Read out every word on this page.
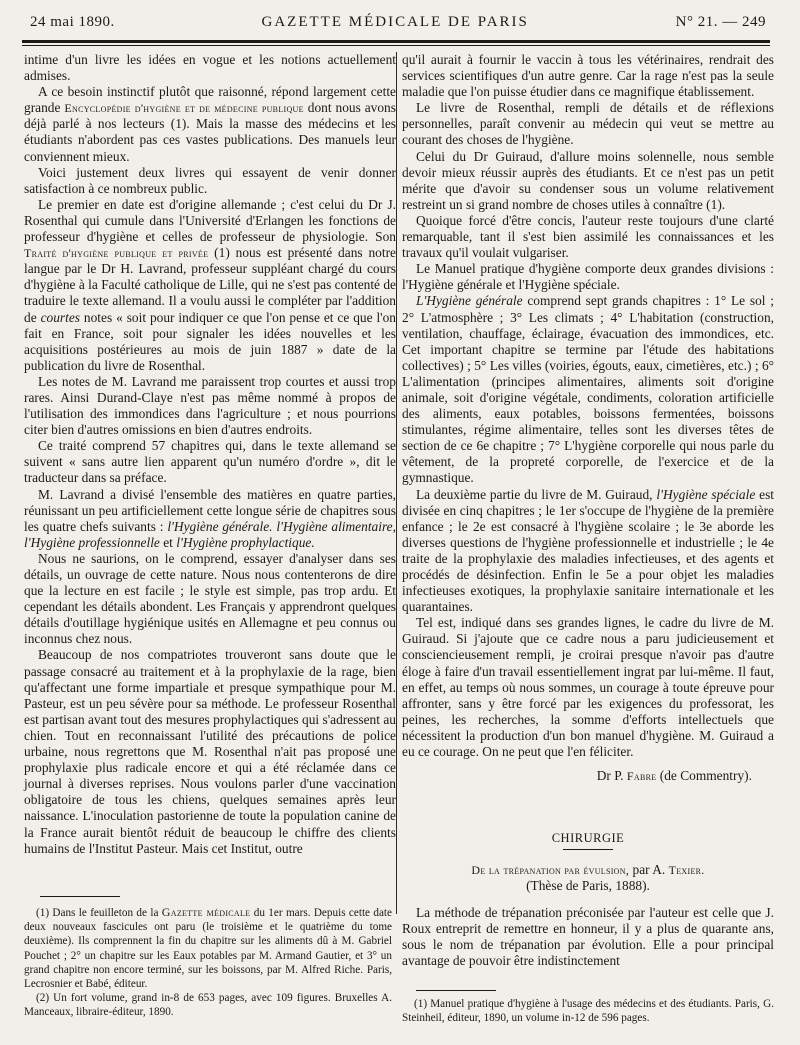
24 mai 1890.	GAZETTE MÉDICALE DE PARIS	N° 21. — 249

intime d'un livre les idées en vogue et les notions actuellement admises.

A ce besoin instinctif plutôt que raisonné, répond largement cette grande Encyclopédie d'hygiène et de médecine publique dont nous avons déjà parlé à nos lecteurs (1). Mais la masse des médecins et les étudiants n'abordent pas ces vastes publications. Des manuels leur conviennent mieux.

Voici justement deux livres qui essayent de venir donner satisfaction à ce nombreux public.

Le premier en date est d'origine allemande ; c'est celui du Dr J. Rosenthal qui cumule dans l'Université d'Erlangen les fonctions de professeur d'hygiène et celles de professeur de physiologie. Son Traité d'hygiène publique et privée (1) nous est présenté dans notre langue par le Dr H. Lavrand, professeur suppléant chargé du cours d'hygiène à la Faculté catholique de Lille, qui ne s'est pas contenté de traduire le texte allemand. Il a voulu aussi le compléter par l'addition de courtes notes « soit pour indiquer ce que l'on pense et ce que l'on fait en France, soit pour signaler les idées nouvelles et les acquisitions postérieures au mois de juin 1887 » date de la publication du livre de Rosenthal.

Les notes de M. Lavrand me paraissent trop courtes et aussi trop rares. Ainsi Durand-Claye n'est pas même nommé à propos de l'utilisation des immondices dans l'agriculture ; et nous pourrions citer bien d'autres omissions en bien d'autres endroits.

Ce traité comprend 57 chapitres qui, dans le texte allemand se suivent « sans autre lien apparent qu'un numéro d'ordre », dit le traducteur dans sa préface.

M. Lavrand a divisé l'ensemble des matières en quatre parties, réunissant un peu artificiellement cette longue série de chapitres sous les quatre chefs suivants : l'Hygiène générale. l'Hygiène alimentaire, l'Hygiène professionnelle et l'Hygiène prophylactique.

Nous ne saurions, on le comprend, essayer d'analyser dans ses détails, un ouvrage de cette nature. Nous nous contenterons de dire que la lecture en est facile ; le style est simple, pas trop ardu. Et cependant les détails abondent. Les Français y apprendront quelques détails d'outillage hygiénique usités en Allemagne et peu connus ou inconnus chez nous.

Beaucoup de nos compatriotes trouveront sans doute que le passage consacré au traitement et à la prophylaxie de la rage, bien qu'affectant une forme impartiale et presque sympathique pour M. Pasteur, est un peu sévère pour sa méthode. Le professeur Rosenthal est partisan avant tout des mesures prophylactiques qui s'adressent au chien. Tout en reconnaissant l'utilité des précautions de police urbaine, nous regrettons que M. Rosenthal n'ait pas proposé une prophylaxie plus radicale encore et qui a été réclamée dans ce journal à diverses reprises. Nous voulons parler d'une vaccination obligatoire de tous les chiens, quelques semaines après leur naissance. L'inoculation pastorienne de toute la population canine de la France aurait bientôt réduit de beaucoup le chiffre des clients humains de l'Institut Pasteur. Mais cet Institut, outre

(1) Dans le feuilleton de la Gazette médicale du 1er mars. Depuis cette date deux nouveaux fascicules ont paru (le troisième et le quatrième du tome deuxième). Ils comprennent la fin du chapitre sur les aliments dû à M. Gabriel Pouchet ; 2° un chapitre sur les Eaux potables par M. Armand Gautier, et 3° un grand chapitre non encore terminé, sur les boissons, par M. Alfred Riche. Paris, Lecrosnier et Babé, éditeur.

(2) Un fort volume, grand in-8 de 653 pages, avec 109 figures. Bruxelles A. Manceaux, libraire-éditeur, 1890.

qu'il aurait à fournir le vaccin à tous les vétérinaires, rendrait des services scientifiques d'un autre genre. Car la rage n'est pas la seule maladie que l'on puisse étudier dans ce magnifique établissement.

Le livre de Rosenthal, rempli de détails et de réflexions personnelles, paraît convenir au médecin qui veut se mettre au courant des choses de l'hygiène.

Celui du Dr Guiraud, d'allure moins solennelle, nous semble devoir mieux réussir auprès des étudiants. Et ce n'est pas un petit mérite que d'avoir su condenser sous un volume relativement restreint un si grand nombre de choses utiles à connaître (1).

Quoique forcé d'être concis, l'auteur reste toujours d'une clarté remarquable, tant il s'est bien assimilé les connaissances et les travaux qu'il voulait vulgariser.

Le Manuel pratique d'hygiène comporte deux grandes divisions : l'Hygiène générale et l'Hygiène spéciale.

L'Hygiène générale comprend sept grands chapitres : 1° Le sol ; 2° L'atmosphère ; 3° Les climats ; 4° L'habitation (construction, ventilation, chauffage, éclairage, évacuation des immondices, etc. Cet important chapitre se termine par l'étude des habitations collectives) ; 5° Les villes (voiries, égouts, eaux, cimetières, etc.) ; 6° L'alimentation (principes alimentaires, aliments soit d'origine animale, soit d'origine végétale, condiments, coloration artificielle des aliments, eaux potables, boissons fermentées, boissons stimulantes, régime alimentaire, telles sont les diverses têtes de section de ce 6e chapitre ; 7° L'hygiène corporelle qui nous parle du vêtement, de la propreté corporelle, de l'exercice et de la gymnastique.

La deuxième partie du livre de M. Guiraud, l'Hygiène spéciale est divisée en cinq chapitres ; le 1er s'occupe de l'hygiène de la première enfance ; le 2e est consacré à l'hygiène scolaire ; le 3e aborde les diverses questions de l'hygiène professionnelle et industrielle ; le 4e traite de la prophylaxie des maladies infectieuses, et des agents et procédés de désinfection. Enfin le 5e a pour objet les maladies infectieuses exotiques, la prophylaxie sanitaire internationale et les quarantaines.

Tel est, indiqué dans ses grandes lignes, le cadre du livre de M. Guiraud. Si j'ajoute que ce cadre nous a paru judicieusement et consciencieusement rempli, je croirai presque n'avoir pas d'autre éloge à faire d'un travail essentiellement ingrat par lui-même. Il faut, en effet, au temps où nous sommes, un courage à toute épreuve pour affronter, sans y être forcé par les exigences du professorat, les peines, les recherches, la somme d'efforts intellectuels que nécessitent la production d'un bon manuel d'hygiène. M. Guiraud a eu ce courage. On ne peut que l'en féliciter.

Dr P. Fabre (de Commentry).
CHIRURGIE
De la trépanation par évulsion, par A. Texier.
(Thèse de Paris, 1888).

La méthode de trépanation préconisée par l'auteur est celle que J. Roux entreprit de remettre en honneur, il y a plus de quarante ans, sous le nom de trépanation par évolution. Elle a pour principal avantage de pouvoir être indistinctement

(1) Manuel pratique d'hygiène à l'usage des médecins et des étudiants. Paris, G. Steinheil, éditeur, 1890, un volume in-12 de 596 pages.
